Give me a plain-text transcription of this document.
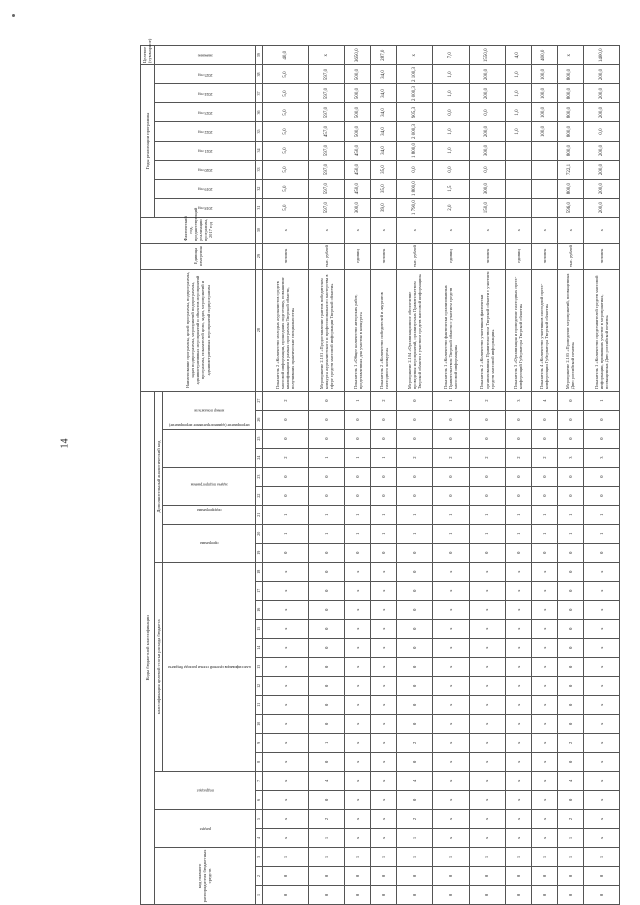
14
Коды бюджетной классификации																											Наименование программы, целей программы, подпрограммы, задач подпрограммы, мероприятий подпрограммы, административных мероприятий и объектов мероприятий программы, показателей цели, задач, мероприятий и административных мероприятий подпрограммы	Единица измерения	Фактический год, предшествующий реализации программы, 2017 год	Годы реализации программы								Целевое (суммарное)
код главного распорядителя бюджетных средств			раздел		подраздел		классификация целевой статьи расхода бюджета											Дополнительный аналитический код												2018 год	2019 год	2020 год	2021 год	2022 год	2023 год	2024 год	2025 год	значение
							классификация целевой статьи расхода бюджета											программа		подпрограмма	задача подпрограммы		мероприятие (административное мероприятие)		номер показателя													
1	2	3	4	5	6	7	8	9	10	11	12	13	14	15	16	17	18	19	20	21	22	23	24	25	26	27	28	29	30	31	32	33	34	35	36	37	38	39
0	0	1	х	х	х	х	х	х	х	х	х	х	х	х	х	х	х	0	1	1	0	0	2	0	0	2	Показатель 2 «Количество молодых журналистов средств массовой информации, прошедших подготовку, повышение квалификации в рамках программы Тверской области, получивших практические специальности»	человек	х	5,0	5,0	5,0	5,0	5,0	5,0	5,0	5,0	40,0
0	0	1	1	2	0	4	0	1	0	0	0	0	0	0	0	0	0	0	1	1	0	0	1	0	0	0	Мероприятие 2.101 «Предоставление грантов победителям конкурса журналистского и профессионального мастерства в сфере средств массовой информации Тверской области»	тыс. рублей	х	597,0	597,0	597,0	597,0	457,0	597,0	597,0	597,0	х
0	0	1	х	х	х	х	х	х	х	х	х	х	х	х	х	х	х	0	1	1	0	0	1	0	0	1	Показатель 1 «Общее количество авторских работ, представленных для участия в конкурсе»	единиц	х	300,0	450,0	450,0	450,0	500,0	500,0	500,0	500,0	3650,0
0	0	1	х	х	х	х	х	х	х	х	х	х	х	х	х	х	х	0	1	1	0	0	1	0	0	2	Показатель 2 «Количество победителей и лауреатов ежегодного конкурса»	человек	х	39,0	35,0	35,0	34,0	34,0	34,0	34,0	34,0	287,0
0	0	1	1	2	0	4	0	2	0	0	0	0	0	0	0	0	0	0	1	1	0	0	2	0	0	0	Мероприятие 2.104 «Организационное обеспечение проведения мероприятий, организуемых Правительством Тверской области с участием средств массовой информации»	тыс. рублей	х	1 790,0	1 800,0	0,0	1 800,0	2 000,3	905,3	2 000,3	2 100,3	х
0	0	1	х	х	х	х	х	х	х	х	х	х	х	х	х	х	х	0	1	1	0	0	2	0	0	1	Показатель 1 «Количество фактически организованных Правительством Тверской области с участием средств массовой информации»	единиц	х	2,0	1,5	0,0	1,0	1,0	0,0	1,0	1,0	7,0
0	0	1	х	х	х	х	х	х	х	х	х	х	х	х	х	х	х	0	1	1	0	0	2	0	0	2	Показатель 2 «Количество участников фактически организованных Правительством Тверской области с участием средств массовой информации»	человек	х	150,0	300,0	0,0	300,0	200,0	0,0	200,0	200,0	1550,0
0	0	1	х	х	х	х	х	х	х	х	х	х	х	х	х	х	х	0	1	1	0	0	2	0	0	3	Показатель 3 «Организация и проведение ежегодных пресс-конференций Губернатора Тверской области»	единиц	х					1,0	1,0	1,0	1,0	4,0
0	0	1	х	х	х	х	х	х	х	х	х	х	х	х	х	х	х	0	1	1	0	0	2	0	0	4	Показатель 4 «Количество участников ежегодной пресс-конференции Губернатора Тверской области»	человек	х					100,0	100,0	100,0	100,0	400,0
0	0	1	1	2	0	4	0	2	0	0	0	0	0	0	0	0	0	0	1	1	0	0	3	0	0	0	Мероприятие 2.105 «Проведение мероприятий, посвященных Дню российской печати»	тыс. рублей	х	596,0	800,0	722,1	800,0	800,0	800,0	800,0	800,0	х
0	0	1	х	х	х	х	х	х	х	х	х	х	х	х	х	х	х	0	1	1	0	0	3	0	0	1	Показатель 1 «Количество представителей средств массовой информации, принявших участие в мероприятиях, посвященных Дню российской печати»	человек	х	200,0	200,0	200,0	200,0	0,0	200,0	200,0	200,0	1400,0
